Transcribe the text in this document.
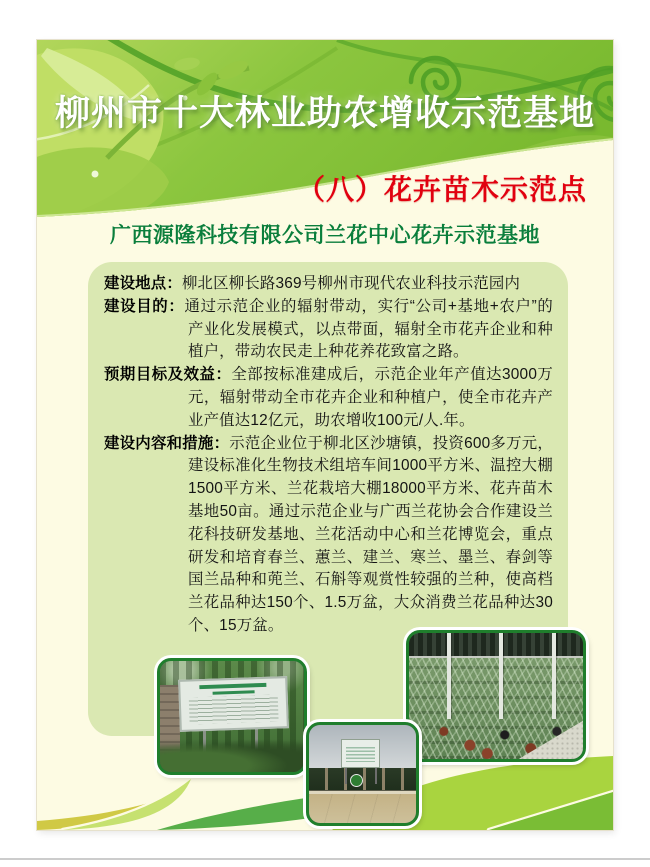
柳州市十大林业助农增收示范基地
（八）花卉苗木示范点
广西源隆科技有限公司兰花中心花卉示范基地

建设地点：柳北区柳长路369号柳州市现代农业科技示范园内

建设目的：通过示范企业的辐射带动，实行“公司+基地+农户”的产业化发展模式，以点带面，辐射全市花卉企业和种植户，带动农民走上种花养花致富之路。

预期目标及效益：全部按标准建成后，示范企业年产值达3000万元，辐射带动全市花卉企业和种植户，使全市花卉产业产值达12亿元，助农增收100元/人.年。

建设内容和措施：示范企业位于柳北区沙塘镇，投资600多万元，建设标准化生物技术组培车间1000平方米、温控大棚1500平方米、兰花栽培大棚18000平方米、花卉苗木基地50亩。通过示范企业与广西兰花协会合作建设兰花科技研发基地、兰花活动中心和兰花博览会，重点研发和培育春兰、蕙兰、建兰、寒兰、墨兰、春剑等国兰品种和蔸兰、石斛等观赏性较强的兰种，使高档兰花品种达150个、1.5万盆，大众消费兰花品种达30个、15万盆。
